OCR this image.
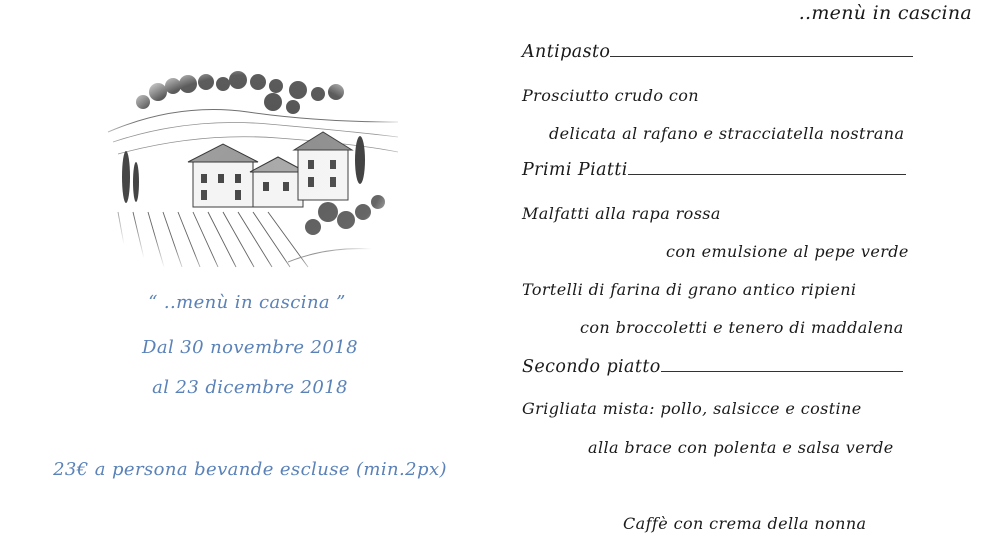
..menù in cascina
“ ..menù in cascina ”
Dal 30 novembre 2018
al 23 dicembre 2018
23€ a persona bevande escluse (min.2px)
Antipasto
Prosciutto crudo con
delicata al rafano e stracciatella nostrana
Primi Piatti
Malfatti alla rapa rossa
con emulsione al pepe verde
Tortelli di farina di grano antico ripieni
con broccoletti e tenero di maddalena
Secondo piatto
Grigliata mista: pollo, salsicce e costine
alla brace con polenta e salsa verde
Caffè con crema della nonna
